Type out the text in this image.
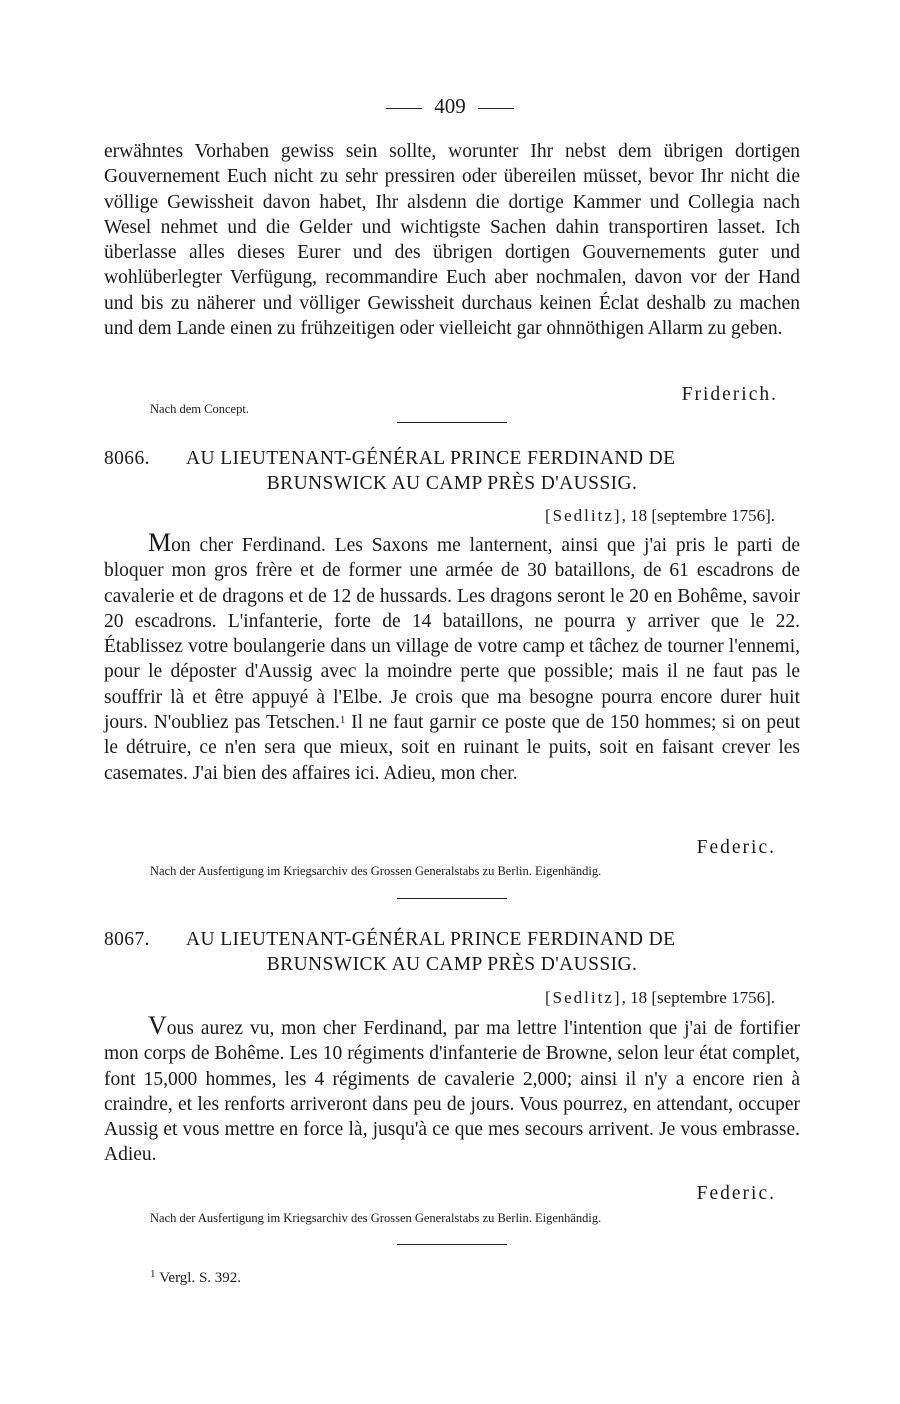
409

erwähntes Vorhaben gewiss sein sollte, worunter Ihr nebst dem übrigen dortigen Gouvernement Euch nicht zu sehr pressiren oder übereilen müsset, bevor Ihr nicht die völlige Gewissheit davon habet, Ihr alsdenn die dortige Kammer und Collegia nach Wesel nehmet und die Gelder und wichtigste Sachen dahin transportiren lasset. Ich überlasse alles dieses Eurer und des übrigen dortigen Gouvernements guter und wohlüberlegter Verfügung, recommandire Euch aber nochmalen, davon vor der Hand und bis zu näherer und völliger Gewissheit durchaus keinen Éclat deshalb zu machen und dem Lande einen zu frühzeitigen oder vielleicht gar ohnnöthigen Allarm zu geben.

Friderich.
Nach dem Concept.
8066. AU LIEUTENANT-GÉNÉRAL PRINCE FERDINAND DE
BRUNSWICK AU CAMP PRÈS D'AUSSIG.
[Sedlitz], 18 [septembre 1756].

Mon cher Ferdinand. Les Saxons me lanternent, ainsi que j'ai pris le parti de bloquer mon gros frère et de former une armée de 30 bataillons, de 61 escadrons de cavalerie et de dragons et de 12 de hussards. Les dragons seront le 20 en Bohême, savoir 20 escadrons. L'infanterie, forte de 14 bataillons, ne pourra y arriver que le 22. Établissez votre boulangerie dans un village de votre camp et tâchez de tourner l'ennemi, pour le déposter d'Aussig avec la moindre perte que possible; mais il ne faut pas le souffrir là et être appuyé à l'Elbe. Je crois que ma besogne pourra encore durer huit jours. N'oubliez pas Tetschen.$^1$ Il ne faut garnir ce poste que de 150 hommes; si on peut le détruire, ce n'en sera que mieux, soit en ruinant le puits, soit en faisant crever les casemates. J'ai bien des affaires ici. Adieu, mon cher.

Federic.
Nach der Ausfertigung im Kriegsarchiv des Grossen Generalstabs zu Berlin. Eigenhändig.
8067. AU LIEUTENANT-GÉNÉRAL PRINCE FERDINAND DE
BRUNSWICK AU CAMP PRÈS D'AUSSIG.
[Sedlitz], 18 [septembre 1756].

Vous aurez vu, mon cher Ferdinand, par ma lettre l'intention que j'ai de fortifier mon corps de Bohême. Les 10 régiments d'infanterie de Browne, selon leur état complet, font 15,000 hommes, les 4 régiments de cavalerie 2,000; ainsi il n'y a encore rien à craindre, et les renforts arriveront dans peu de jours. Vous pourrez, en attendant, occuper Aussig et vous mettre en force là, jusqu'à ce que mes secours arrivent. Je vous embrasse. Adieu.

Federic.
Nach der Ausfertigung im Kriegsarchiv des Grossen Generalstabs zu Berlin. Eigenhändig.
$^1$ Vergl. S. 392.
